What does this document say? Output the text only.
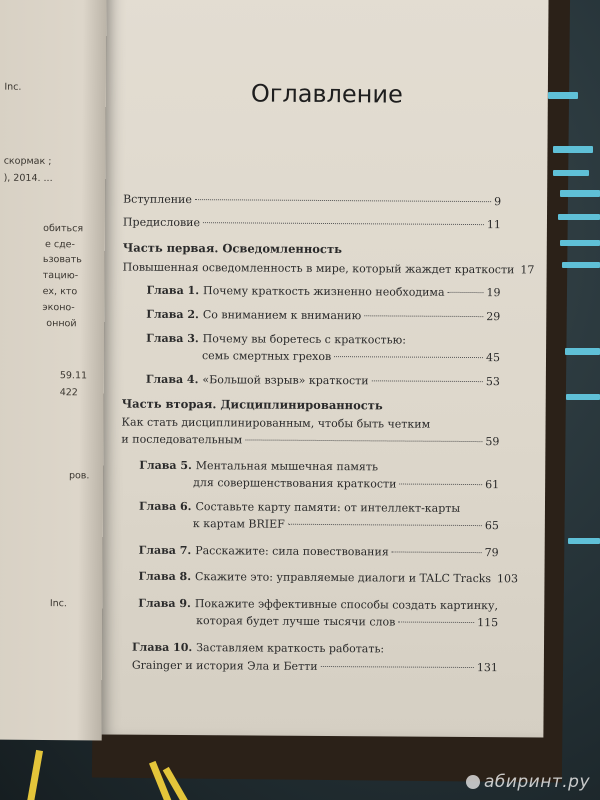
Inc.
скормак ;
), 2014. ...
обиться
е сде-
ьзовать
тацию-
ех, кто
эконо-
онной
59.11
422
ров.
Inc.
Оглавление
Вступление	9
Предисловие	11
Часть первая. Осведомленность
Повышенная осведомленность в мире, который жаждет краткости 17
Глава 1. Почему краткость жизненно необходима	19
Глава 2. Со вниманием к вниманию	29
Глава 3. Почему вы боретесь с краткостью:
семь смертных грехов	45
Глава 4. «Большой взрыв» краткости	53
Часть вторая. Дисциплинированность
Как стать дисциплинированным, чтобы быть четким
и последовательным	59
Глава 5. Ментальная мышечная память
для совершенствования краткости	61
Глава 6. Составьте карту памяти: от интеллект-карты
к картам BRIEF	65
Глава 7. Расскажите: сила повествования	79
Глава 8. Скажите это: управляемые диалоги и TALC Tracks 103
Глава 9. Покажите эффективные способы создать картинку,
которая будет лучше тысячи слов	115
Глава 10. Заставляем краткость работать:
Grainger и история Эла и Бетти	131
абиринт.ру
